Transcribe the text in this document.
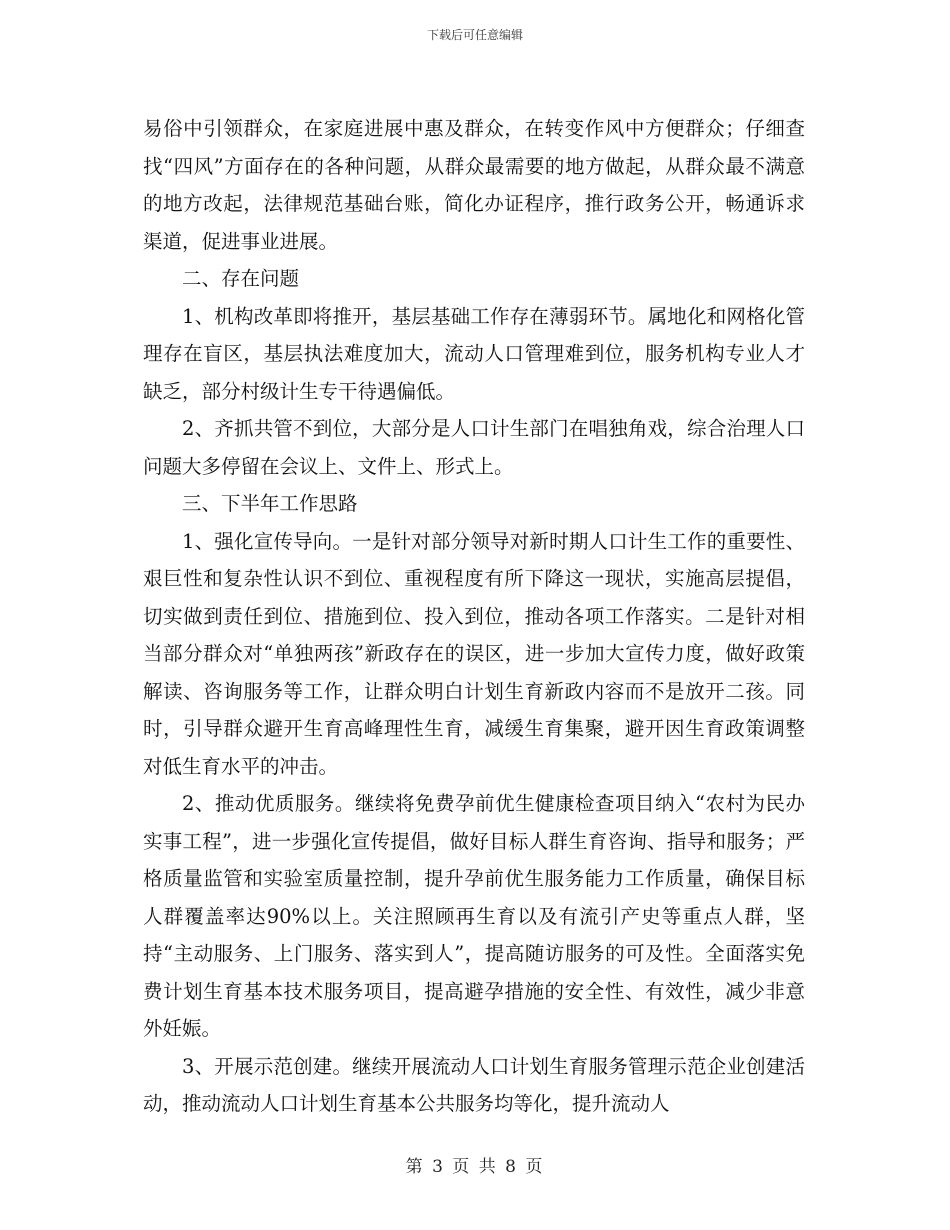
下载后可任意编辑

易俗中引领群众，在家庭进展中惠及群众，在转变作风中方便群众；仔细查找“四风”方面存在的各种问题，从群众最需要的地方做起，从群众最不满意的地方改起，法律规范基础台账，简化办证程序，推行政务公开，畅通诉求渠道，促进事业进展。

二、存在问题

1、机构改革即将推开，基层基础工作存在薄弱环节。属地化和网格化管理存在盲区，基层执法难度加大，流动人口管理难到位，服务机构专业人才缺乏，部分村级计生专干待遇偏低。

2、齐抓共管不到位，大部分是人口计生部门在唱独角戏，综合治理人口问题大多停留在会议上、文件上、形式上。

三、下半年工作思路

1、强化宣传导向。一是针对部分领导对新时期人口计生工作的重要性、艰巨性和复杂性认识不到位、重视程度有所下降这一现状，实施高层提倡，切实做到责任到位、措施到位、投入到位，推动各项工作落实。二是针对相当部分群众对“单独两孩”新政存在的误区，进一步加大宣传力度，做好政策解读、咨询服务等工作，让群众明白计划生育新政内容而不是放开二孩。同时，引导群众避开生育高峰理性生育，减缓生育集聚，避开因生育政策调整对低生育水平的冲击。

2、推动优质服务。继续将免费孕前优生健康检查项目纳入“农村为民办实事工程”，进一步强化宣传提倡，做好目标人群生育咨询、指导和服务；严格质量监管和实验室质量控制，提升孕前优生服务能力工作质量，确保目标人群覆盖率达90%以上。关注照顾再生育以及有流引产史等重点人群，坚持“主动服务、上门服务、落实到人”，提高随访服务的可及性。全面落实免费计划生育基本技术服务项目，提高避孕措施的安全性、有效性，减少非意外妊娠。

3、开展示范创建。继续开展流动人口计划生育服务管理示范企业创建活动，推动流动人口计划生育基本公共服务均等化，提升流动人

第 3 页 共 8 页
